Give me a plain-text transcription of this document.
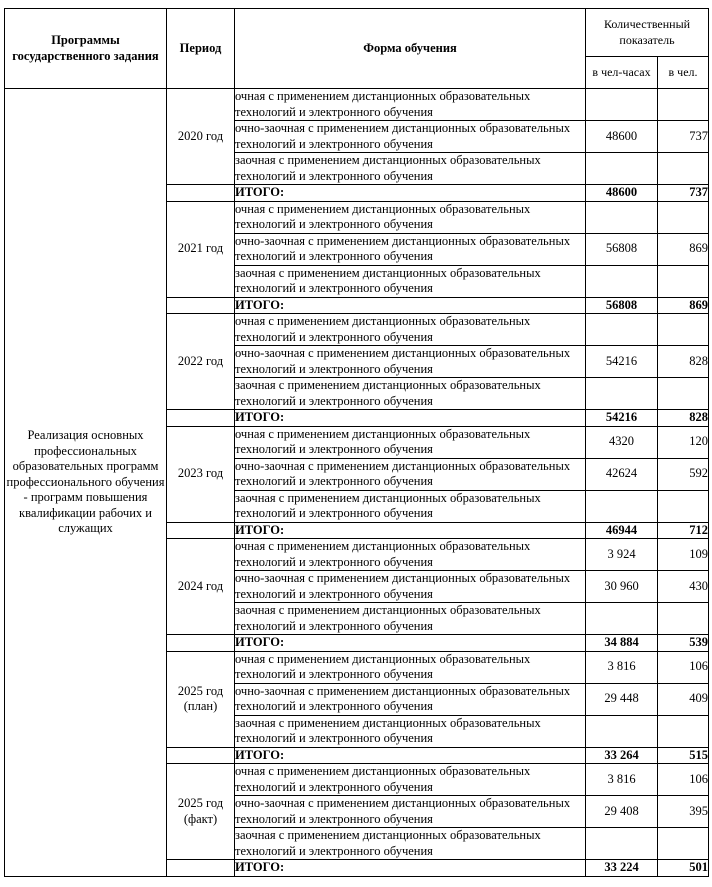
Программы государственного задания	Период	Форма обучения	Количественный показатель	
			в чел-часах	в чел.
Реализация основных профессиональных образовательных программ профессионального обучения - программ повышения квалификации рабочих и служащих	2020 год	очная с применением дистанционных образовательных технологий и электронного обучения		
		очно-заочная с применением дистанционных образовательных технологий и электронного обучения	48600	737
		заочная с применением дистанционных образовательных технологий и электронного обучения		
		ИТОГО:	48600	737
	2021 год	очная с применением дистанционных образовательных технологий и электронного обучения		
		очно-заочная с применением дистанционных образовательных технологий и электронного обучения	56808	869
		заочная с применением дистанционных образовательных технологий и электронного обучения		
		ИТОГО:	56808	869
	2022 год	очная с применением дистанционных образовательных технологий и электронного обучения		
		очно-заочная с применением дистанционных образовательных технологий и электронного обучения	54216	828
		заочная с применением дистанционных образовательных технологий и электронного обучения		
		ИТОГО:	54216	828
	2023 год	очная с применением дистанционных образовательных технологий и электронного обучения	4320	120
		очно-заочная с применением дистанционных образовательных технологий и электронного обучения	42624	592
		заочная с применением дистанционных образовательных технологий и электронного обучения		
		ИТОГО:	46944	712
	2024 год	очная с применением дистанционных образовательных технологий и электронного обучения	3 924	109
		очно-заочная с применением дистанционных образовательных технологий и электронного обучения	30 960	430
		заочная с применением дистанционных образовательных технологий и электронного обучения		
		ИТОГО:	34 884	539
	2025 год (план)	очная с применением дистанционных образовательных технологий и электронного обучения	3 816	106
		очно-заочная с применением дистанционных образовательных технологий и электронного обучения	29 448	409
		заочная с применением дистанционных образовательных технологий и электронного обучения		
		ИТОГО:	33 264	515
	2025 год (факт)	очная с применением дистанционных образовательных технологий и электронного обучения	3 816	106
		очно-заочная с применением дистанционных образовательных технологий и электронного обучения	29 408	395
		заочная с применением дистанционных образовательных технологий и электронного обучения		
		ИТОГО:	33 224	501
